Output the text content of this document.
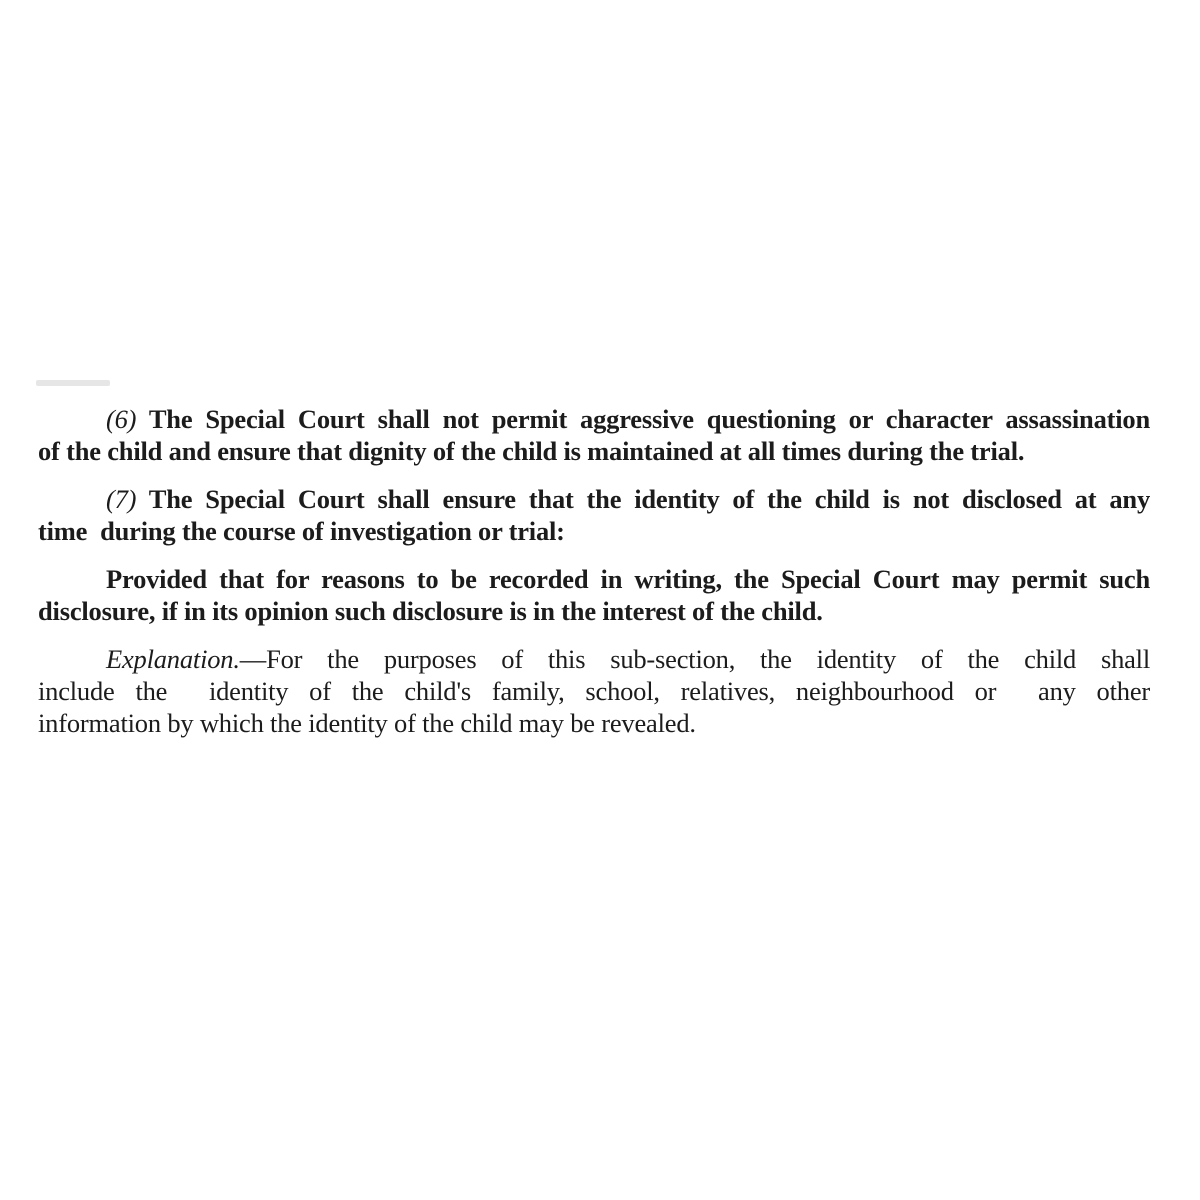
(6) The Special Court shall not permit aggressive questioning or character assassination
of the child and ensure that dignity of the child is maintained at all times during the trial.

(7) The Special Court shall ensure that the identity of the child is not disclosed at any
time  during the course of investigation or trial:

Provided that for reasons to be recorded in writing, the Special Court may permit such
disclosure, if in its opinion such disclosure is in the interest of the child.

Explanation.—For the purposes of this sub-section, the identity of the child shall
include the  identity of the child's family, school, relatives, neighbourhood or  any other
information by which the identity of the child may be revealed.
